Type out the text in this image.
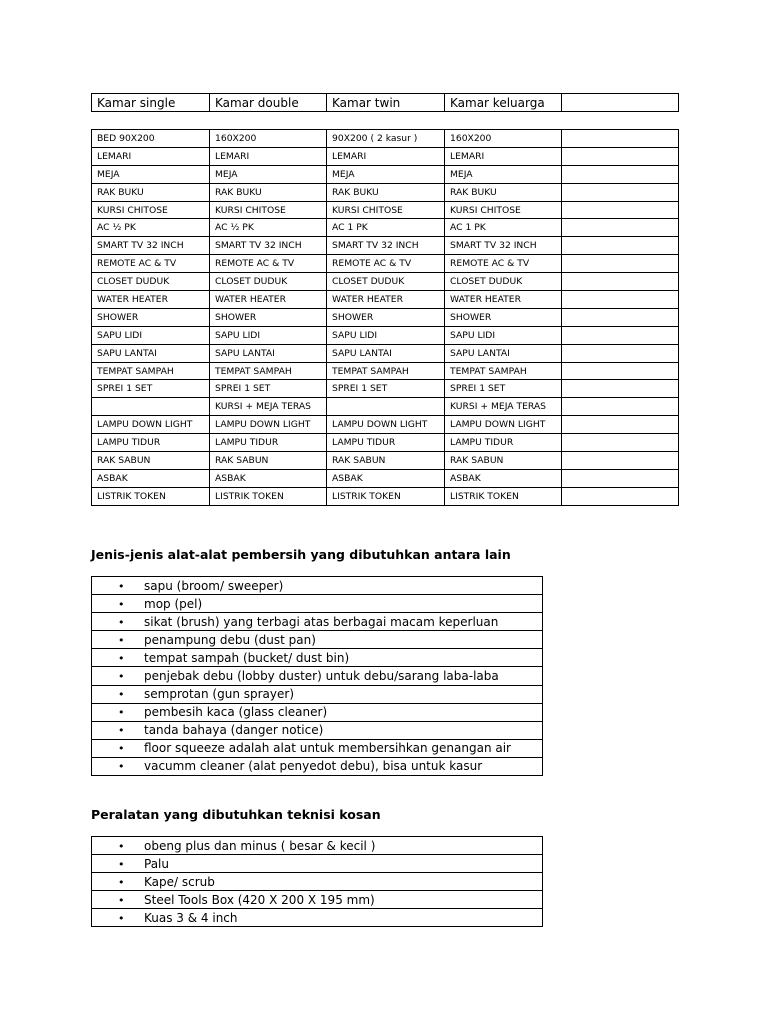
Kamar single	Kamar double	Kamar twin	Kamar keluarga	
BED 90X200	160X200	90X200 ( 2 kasur )	160X200	
LEMARI	LEMARI	LEMARI	LEMARI	
MEJA	MEJA	MEJA	MEJA	
RAK BUKU	RAK BUKU	RAK BUKU	RAK BUKU	
KURSI CHITOSE	KURSI CHITOSE	KURSI CHITOSE	KURSI CHITOSE	
AC ½ PK	AC ½ PK	AC 1 PK	AC 1 PK	
SMART TV 32 INCH	SMART TV 32 INCH	SMART TV 32 INCH	SMART TV 32 INCH	
REMOTE AC & TV	REMOTE AC & TV	REMOTE AC & TV	REMOTE AC & TV	
CLOSET DUDUK	CLOSET DUDUK	CLOSET DUDUK	CLOSET DUDUK	
WATER HEATER	WATER HEATER	WATER HEATER	WATER HEATER	
SHOWER	SHOWER	SHOWER	SHOWER	
SAPU LIDI	SAPU LIDI	SAPU LIDI	SAPU LIDI	
SAPU LANTAI	SAPU LANTAI	SAPU LANTAI	SAPU LANTAI	
TEMPAT SAMPAH	TEMPAT SAMPAH	TEMPAT SAMPAH	TEMPAT SAMPAH	
SPREI 1 SET	SPREI 1 SET	SPREI 1 SET	SPREI 1 SET	
	KURSI + MEJA TERAS		KURSI + MEJA TERAS	
LAMPU DOWN LIGHT	LAMPU DOWN LIGHT	LAMPU DOWN LIGHT	LAMPU DOWN LIGHT	
LAMPU TIDUR	LAMPU TIDUR	LAMPU TIDUR	LAMPU TIDUR	
RAK SABUN	RAK SABUN	RAK SABUN	RAK SABUN	
ASBAK	ASBAK	ASBAK	ASBAK	
LISTRIK TOKEN	LISTRIK TOKEN	LISTRIK TOKEN	LISTRIK TOKEN	

Jenis-jenis alat-alat pembersih yang dibutuhkan antara lain

• sapu (broom/ sweeper)
• mop (pel)
• sikat (brush) yang terbagi atas berbagai macam keperluan
• penampung debu (dust pan)
• tempat sampah (bucket/ dust bin)
• penjebak debu (lobby duster) untuk debu/sarang laba-laba
• semprotan (gun sprayer)
• pembesih kaca (glass cleaner)
• tanda bahaya (danger notice)
• floor squeeze adalah alat untuk membersihkan genangan air
• vacumm cleaner (alat penyedot debu), bisa untuk kasur

Peralatan yang dibutuhkan teknisi kosan

• obeng plus dan minus ( besar & kecil )
• Palu
• Kape/ scrub
• Steel Tools Box (420 X 200 X 195 mm)
• Kuas 3 & 4 inch
